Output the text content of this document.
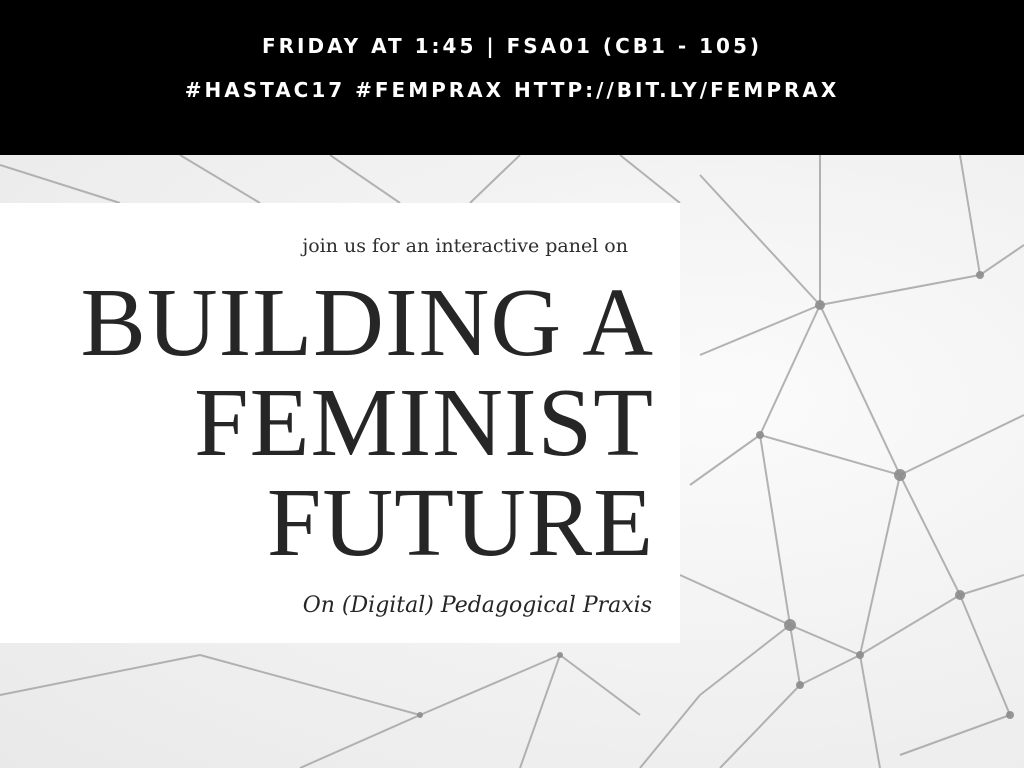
FRIDAY AT 1:45 | FSA01 (CB1 - 105)
#HASTAC17 #FEMPRAX HTTP://BIT.LY/FEMPRAX
join us for an interactive panel on
BUILDING A
FEMINIST
FUTURE
On (Digital) Pedagogical Praxis
